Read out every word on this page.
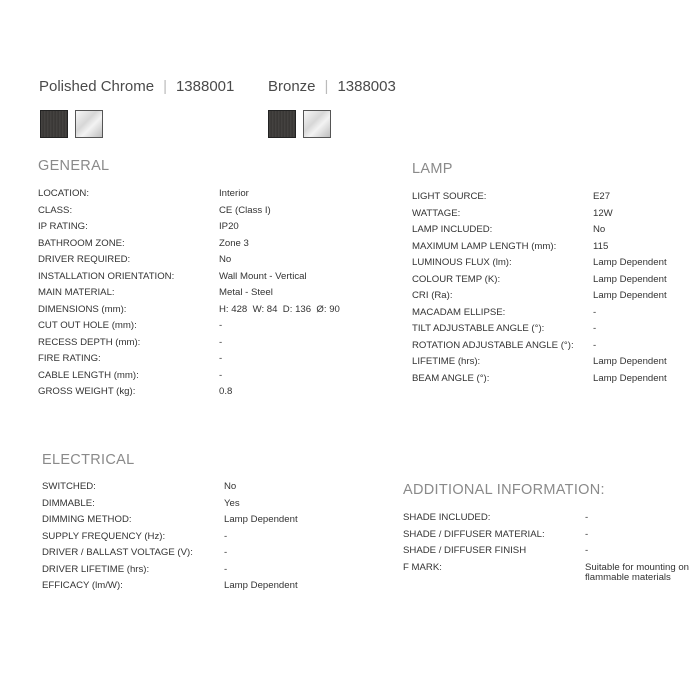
Polished Chrome | 1388001 Bronze | 1388003
GENERAL
LOCATION:	Interior
CLASS:	CE (Class I)
IP RATING:	IP20
BATHROOM ZONE:	Zone 3
DRIVER REQUIRED:	No
INSTALLATION ORIENTATION:	Wall Mount - Vertical
MAIN MATERIAL:	Metal - Steel
DIMENSIONS (mm):	H: 428  W: 84  D: 136  Ø: 90
CUT OUT HOLE (mm):	-
RECESS DEPTH (mm):	-
FIRE RATING:	-
CABLE LENGTH (mm):	-
GROSS WEIGHT (kg):	0.8
LAMP
LIGHT SOURCE:	E27
WATTAGE:	12W
LAMP INCLUDED:	No
MAXIMUM LAMP LENGTH (mm):	115
LUMINOUS FLUX (lm):	Lamp Dependent
COLOUR TEMP (K):	Lamp Dependent
CRI (Ra):	Lamp Dependent
MACADAM ELLIPSE:	-
TILT ADJUSTABLE ANGLE (°):	-
ROTATION ADJUSTABLE ANGLE (°): -
LIFETIME (hrs):	Lamp Dependent
BEAM ANGLE (°):	Lamp Dependent
ELECTRICAL
SWITCHED:	No
DIMMABLE:	Yes
DIMMING METHOD:	Lamp Dependent
SUPPLY FREQUENCY (Hz):	-
DRIVER / BALLAST VOLTAGE (V):	-
DRIVER LIFETIME (hrs):	-
EFFICACY (lm/W):	Lamp Dependent
ADDITIONAL INFORMATION:
SHADE INCLUDED:	-
SHADE / DIFFUSER MATERIAL:	-
SHADE / DIFFUSER FINISH	-
F MARK:	Suitable for mounting on flammable materials
